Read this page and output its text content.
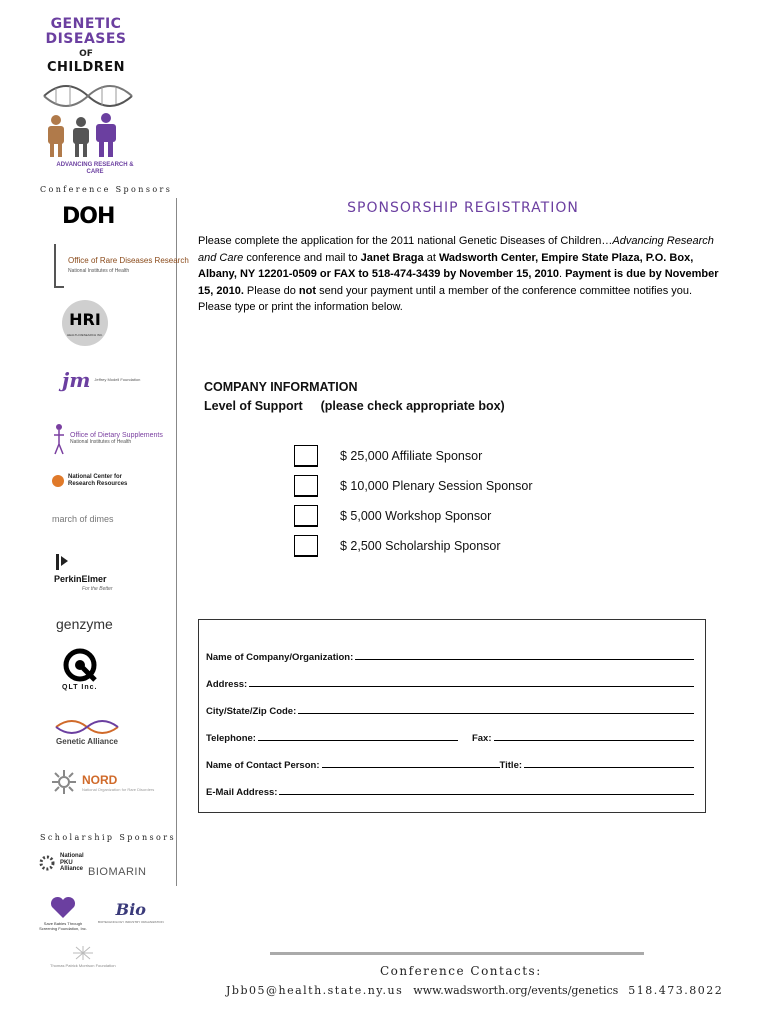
GENETIC
DISEASES
OF
CHILDREN
ADVANCING RESEARCH & CARE
Conference Sponsors
DOH
Office of Rare Diseases Research
National Institutes of Health
HRI
HEALTH RESEARCH INC.
jm Jeffrey Modell Foundation
Office of Dietary Supplements
National Institutes of Health
National Center for Research Resources
march of dimes
PerkinElmer
For the Better
genzyme
QLT Inc.
Genetic Alliance
NORD
National Organization for Rare Disorders
Scholarship Sponsors
National PKU Alliance BIOMARIN
Save Babies Through Screening Foundation, Inc.
Bio
BIOTECHNOLOGY INDUSTRY ORGANIZATION
Thomas Patrick Morrison Foundation
SPONSORSHIP REGISTRATION
Please complete the application for the 2011 national Genetic Diseases of Children…Advancing Research and Care conference and mail to Janet Braga at Wadsworth Center, Empire State Plaza, P.O. Box, Albany, NY 12201-0509 or FAX to 518-474-3439 by November 15, 2010. Payment is due by November 15, 2010. Please do not send your payment until a member of the conference committee notifies you. Please type or print the information below.
COMPANY INFORMATION
Level of Support (please check appropriate box)
$ 25,000 Affiliate Sponsor
$ 10,000 Plenary Session Sponsor
$ 5,000 Workshop Sponsor
$ 2,500 Scholarship Sponsor
Name of Company/Organization:
Address:
City/State/Zip Code:
Telephone:	Fax:
Name of Contact Person:	Title:
E-Mail Address:
Conference Contacts:
Jbb05@health.state.ny.us www.wadsworth.org/events/genetics 518.473.8022
